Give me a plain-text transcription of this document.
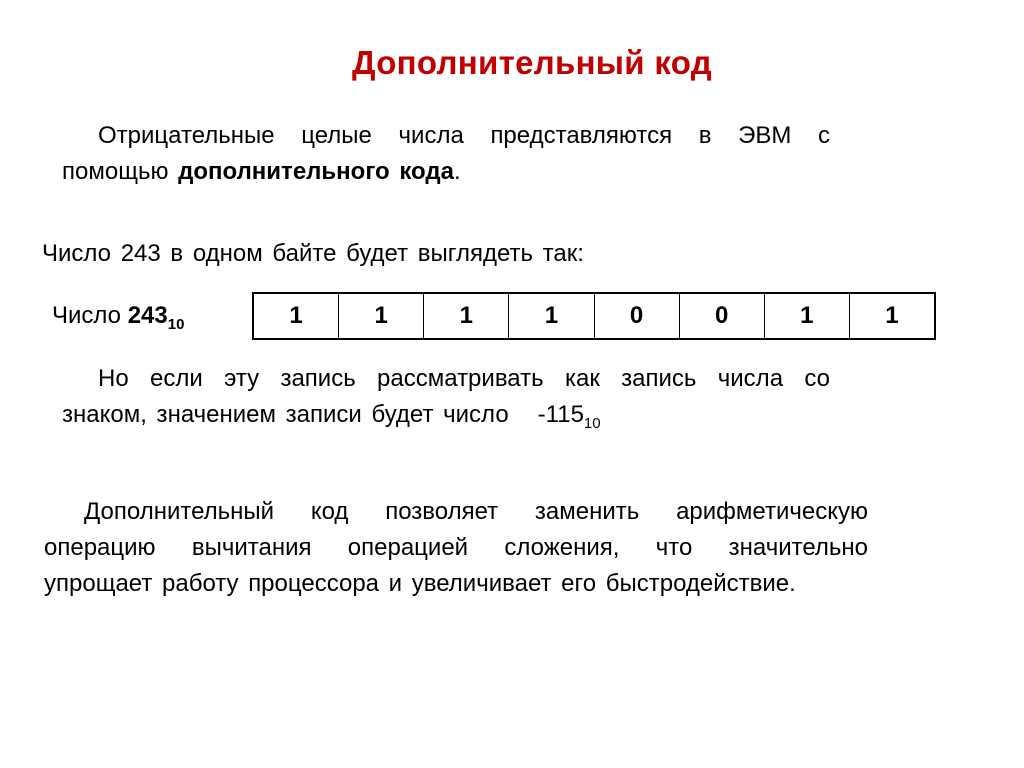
Дополнительный код
Отрицательные целые числа представляются в ЭВМ с
помощью дополнительного кода.
Число 243 в одном байте будет выглядеть так:
Число $243_{10}$	1	1	1	1	0	0	1	1
Но если эту запись рассматривать как запись числа со
знаком, значением записи будет число   $-115_{10}$
Дополнительный код позволяет заменить арифметическую
операцию вычитания операцией сложения, что значительно
упрощает работу процессора и увеличивает его быстродействие.
